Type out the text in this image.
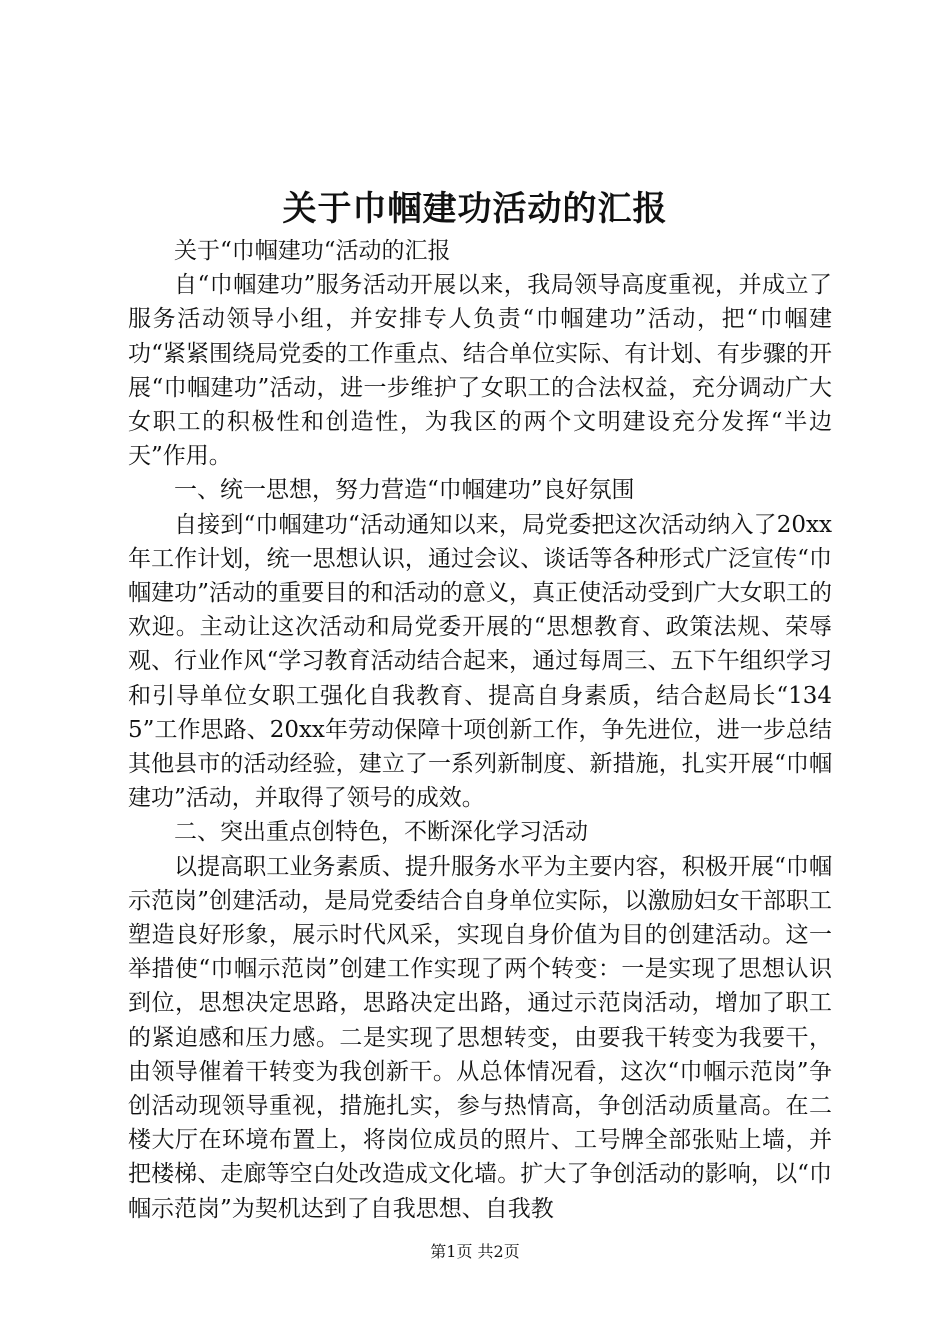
关于巾帼建功活动的汇报

关于“巾帼建功“活动的汇报

自“巾帼建功”服务活动开展以来，我局领导高度重视，并成立了服务活动领导小组，并安排专人负责“巾帼建功”活动，把“巾帼建功“紧紧围绕局党委的工作重点、结合单位实际、有计划、有步骤的开展“巾帼建功”活动，进一步维护了女职工的合法权益，充分调动广大女职工的积极性和创造性，为我区的两个文明建设充分发挥“半边天”作用。

一、统一思想，努力营造“巾帼建功”良好氛围

自接到“巾帼建功“活动通知以来，局党委把这次活动纳入了20xx年工作计划，统一思想认识，通过会议、谈话等各种形式广泛宣传“巾帼建功”活动的重要目的和活动的意义，真正使活动受到广大女职工的欢迎。主动让这次活动和局党委开展的“思想教育、政策法规、荣辱观、行业作风“学习教育活动结合起来，通过每周三、五下午组织学习和引导单位女职工强化自我教育、提高自身素质，结合赵局长“1345”工作思路、20xx年劳动保障十项创新工作，争先进位，进一步总结其他县市的活动经验，建立了一系列新制度、新措施，扎实开展“巾帼建功”活动，并取得了领号的成效。

二、突出重点创特色，不断深化学习活动

以提高职工业务素质、提升服务水平为主要内容，积极开展“巾帼示范岗”创建活动，是局党委结合自身单位实际，以激励妇女干部职工塑造良好形象，展示时代风采，实现自身价值为目的创建活动。这一举措使“巾帼示范岗”创建工作实现了两个转变：一是实现了思想认识到位，思想决定思路，思路决定出路，通过示范岗活动，增加了职工的紧迫感和压力感。二是实现了思想转变，由要我干转变为我要干，由领导催着干转变为我创新干。从总体情况看，这次“巾帼示范岗”争创活动现领导重视，措施扎实，参与热情高，争创活动质量高。在二楼大厅在环境布置上，将岗位成员的照片、工号牌全部张贴上墙，并把楼梯、走廊等空白处改造成文化墙。扩大了争创活动的影响，以“巾帼示范岗”为契机达到了自我思想、自我教

第1页 共2页
